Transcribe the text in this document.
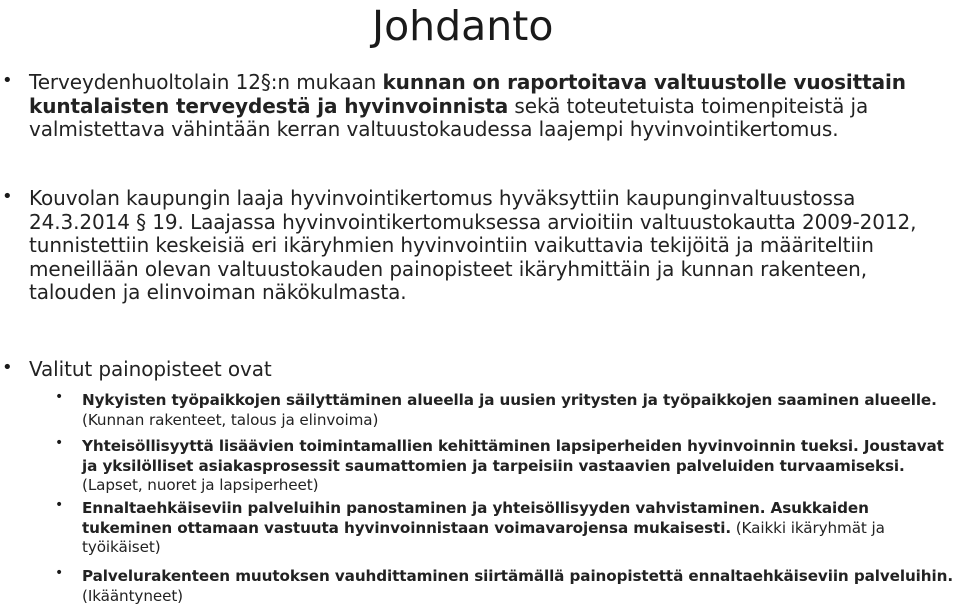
Johdanto
• Terveydenhuoltolain 12§:n mukaan kunnan on raportoitava valtuustolle vuosittain kuntalaisten terveydestä ja hyvinvoinnista sekä toteutetuista toimenpiteistä ja valmistettava vähintään kerran valtuustokaudessa laajempi hyvinvointikertomus.
• Kouvolan kaupungin laaja hyvinvointikertomus hyväksyttiin kaupunginvaltuustossa 24.3.2014 § 19. Laajassa hyvinvointikertomuksessa arvioitiin valtuustokautta 2009-2012, tunnistettiin keskeisiä eri ikäryhmien hyvinvointiin vaikuttavia tekijöitä ja määriteltiin meneillään olevan valtuustokauden painopisteet ikäryhmittäin ja kunnan rakenteen, talouden ja elinvoiman näkökulmasta.
• Valitut painopisteet ovat
• Nykyisten työpaikkojen säilyttäminen alueella ja uusien yritysten ja työpaikkojen saaminen alueelle. (Kunnan rakenteet, talous ja elinvoima)
• Yhteisöllisyyttä lisäävien toimintamallien kehittäminen lapsiperheiden hyvinvoinnin tueksi. Joustavat ja yksilölliset asiakasprosessit saumattomien ja tarpeisiin vastaavien palveluiden turvaamiseksi. (Lapset, nuoret ja lapsiperheet)
• Ennaltaehkäiseviin palveluihin panostaminen ja yhteisöllisyyden vahvistaminen. Asukkaiden tukeminen ottamaan vastuuta hyvinvoinnistaan voimavarojensa mukaisesti. (Kaikki ikäryhmät ja työikäiset)
• Palvelurakenteen muutoksen vauhdittaminen siirtämällä painopistettä ennaltaehkäiseviin palveluihin. (Ikääntyneet)
